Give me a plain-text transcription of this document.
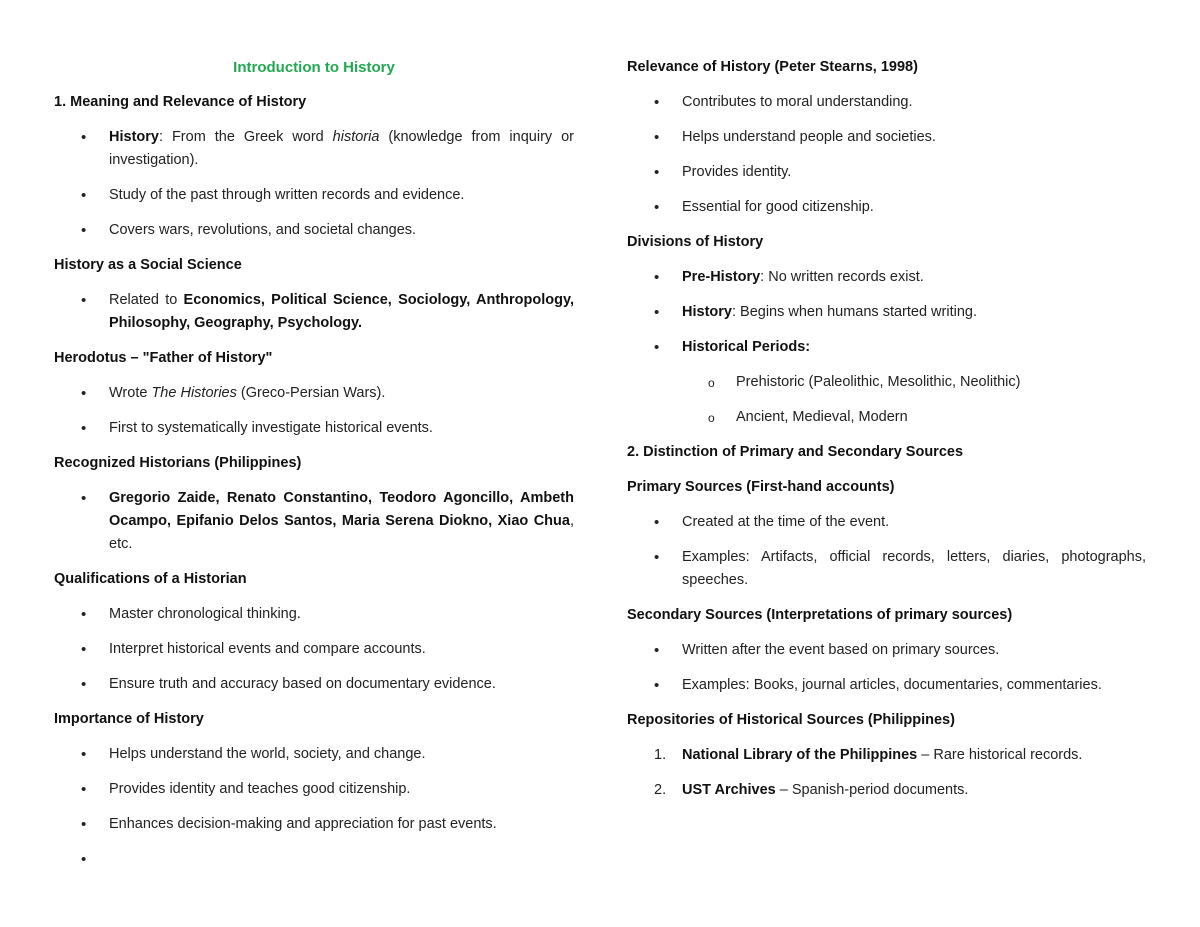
Introduction to History
1. Meaning and Relevance of History
• History: From the Greek word historia (knowledge from inquiry or investigation).
• Study of the past through written records and evidence.
• Covers wars, revolutions, and societal changes.
History as a Social Science
• Related to Economics, Political Science, Sociology, Anthropology, Philosophy, Geography, Psychology.
Herodotus – "Father of History"
• Wrote The Histories (Greco-Persian Wars).
• First to systematically investigate historical events.
Recognized Historians (Philippines)
• Gregorio Zaide, Renato Constantino, Teodoro Agoncillo, Ambeth Ocampo, Epifanio Delos Santos, Maria Serena Diokno, Xiao Chua, etc.
Qualifications of a Historian
• Master chronological thinking.
• Interpret historical events and compare accounts.
• Ensure truth and accuracy based on documentary evidence.
Importance of History
• Helps understand the world, society, and change.
• Provides identity and teaches good citizenship.
• Enhances decision-making and appreciation for past events.
•

Relevance of History (Peter Stearns, 1998)
• Contributes to moral understanding.
• Helps understand people and societies.
• Provides identity.
• Essential for good citizenship.
Divisions of History
• Pre-History: No written records exist.
• History: Begins when humans started writing.
• Historical Periods:
o Prehistoric (Paleolithic, Mesolithic, Neolithic)
o Ancient, Medieval, Modern
2. Distinction of Primary and Secondary Sources
Primary Sources (First-hand accounts)
• Created at the time of the event.
• Examples: Artifacts, official records, letters, diaries, photographs, speeches.
Secondary Sources (Interpretations of primary sources)
• Written after the event based on primary sources.
• Examples: Books, journal articles, documentaries, commentaries.
Repositories of Historical Sources (Philippines)
1. National Library of the Philippines – Rare historical records.
2. UST Archives – Spanish-period documents.
